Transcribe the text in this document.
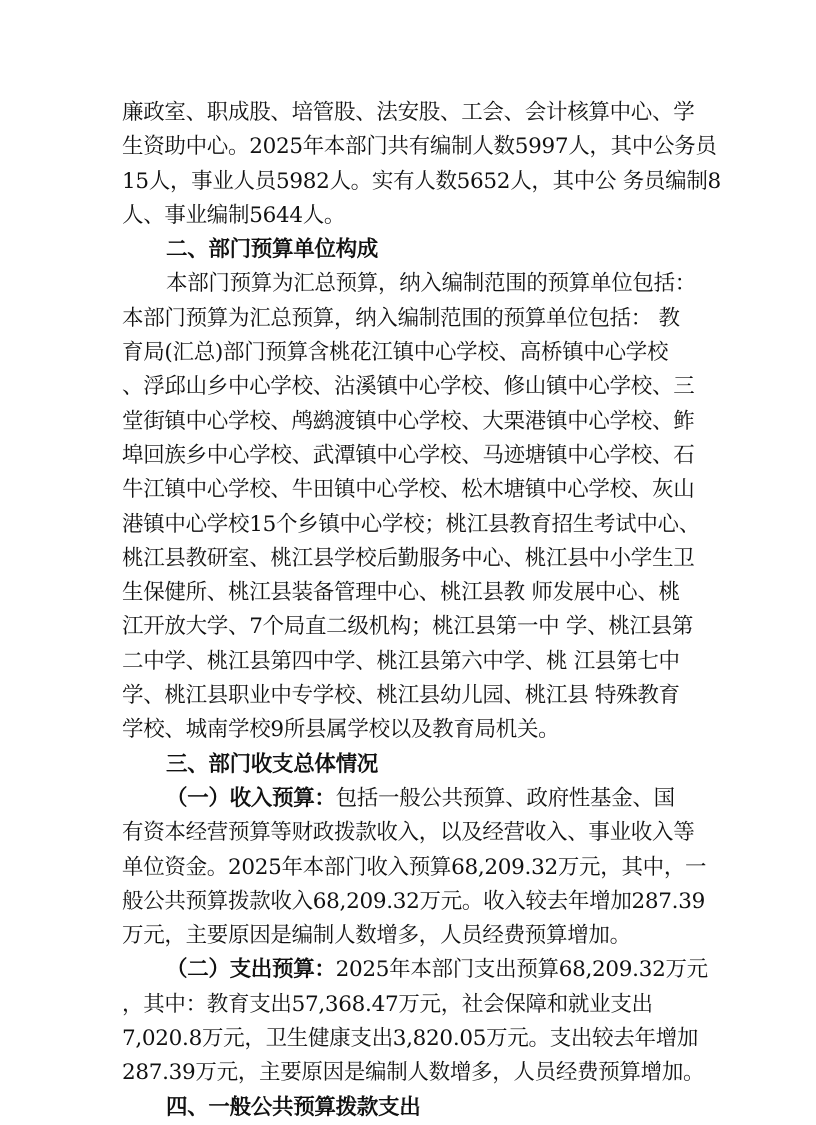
廉政室、职成股、培管股、法安股、工会、会计核算中心、学
生资助中心。2025年本部门共有编制人数5997人，其中公务员
15人，事业人员5982人。实有人数5652人，其中公 务员编制8
人、事业编制5644人。
二、部门预算单位构成
本部门预算为汇总预算，纳入编制范围的预算单位包括：
本部门预算为汇总预算，纳入编制范围的预算单位包括： 教
育局(汇总)部门预算含桃花江镇中心学校、高桥镇中心学校
、浮邱山乡中心学校、沾溪镇中心学校、修山镇中心学校、三
堂街镇中心学校、鸬鹚渡镇中心学校、大栗港镇中心学校、鲊
埠回族乡中心学校、武潭镇中心学校、马迹塘镇中心学校、石
牛江镇中心学校、牛田镇中心学校、松木塘镇中心学校、灰山
港镇中心学校15个乡镇中心学校；桃江县教育招生考试中心、
桃江县教研室、桃江县学校后勤服务中心、桃江县中小学生卫
生保健所、桃江县装备管理中心、桃江县教 师发展中心、桃
江开放大学、7个局直二级机构；桃江县第一中 学、桃江县第
二中学、桃江县第四中学、桃江县第六中学、桃 江县第七中
学、桃江县职业中专学校、桃江县幼儿园、桃江县 特殊教育
学校、城南学校9所县属学校以及教育局机关。
三、部门收支总体情况
（一）收入预算：包括一般公共预算、政府性基金、国
有资本经营预算等财政拨款收入，以及经营收入、事业收入等
单位资金。2025年本部门收入预算68,209.32万元，其中，一
般公共预算拨款收入68,209.32万元。收入较去年增加287.39
万元，主要原因是编制人数增多，人员经费预算增加。
（二）支出预算：2025年本部门支出预算68,209.32万元
，其中：教育支出57,368.47万元，社会保障和就业支出
7,020.8万元，卫生健康支出3,820.05万元。支出较去年增加
287.39万元，主要原因是编制人数增多，人员经费预算增加。
四、一般公共预算拨款支出
